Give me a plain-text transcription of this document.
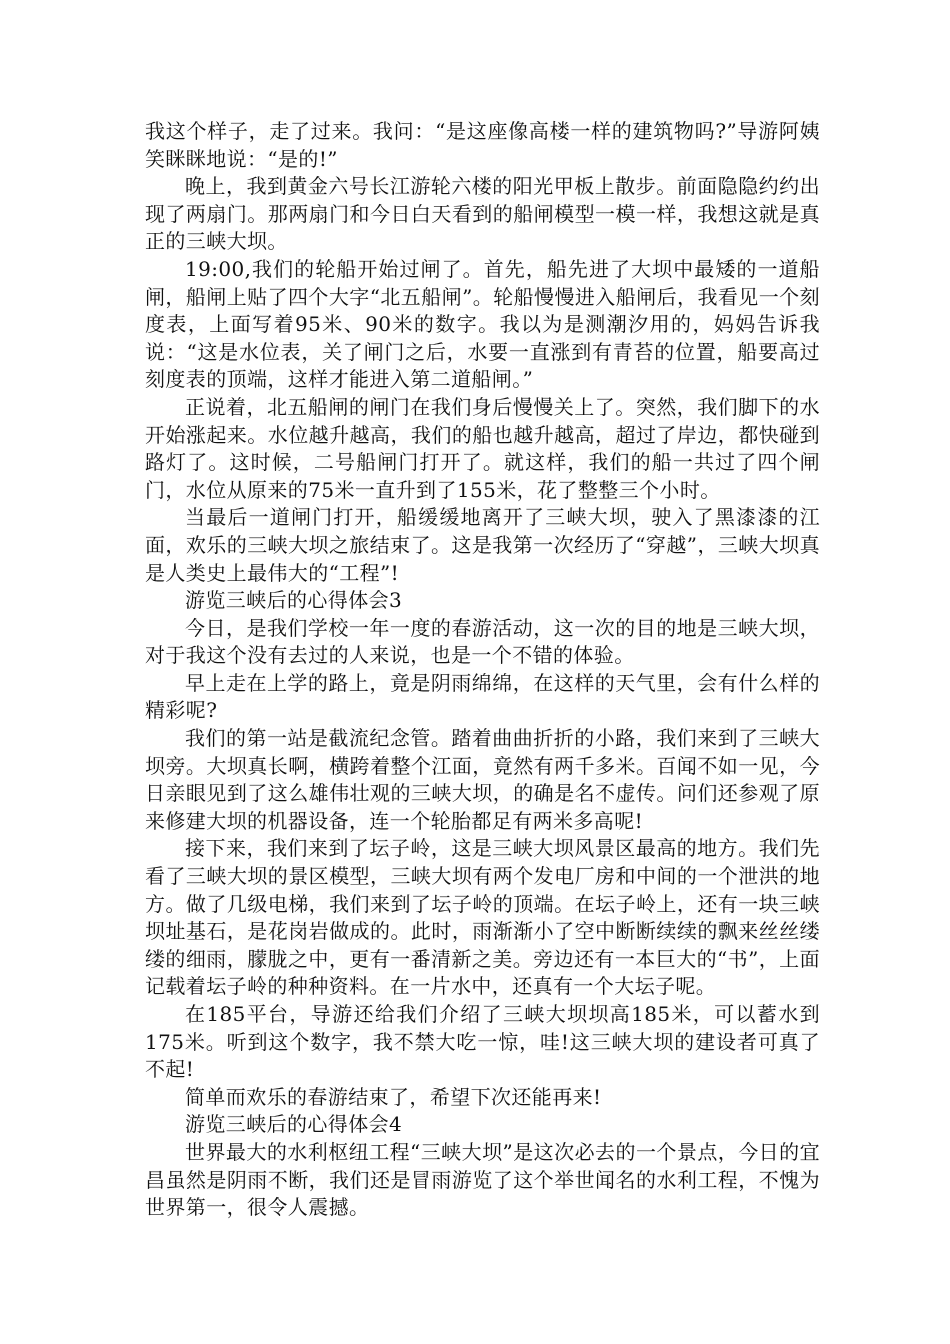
我这个样子，走了过来。我问：“是这座像高楼一样的建筑物吗?”导游阿姨笑眯眯地说：“是的!”

晚上，我到黄金六号长江游轮六楼的阳光甲板上散步。前面隐隐约约出现了两扇门。那两扇门和今日白天看到的船闸模型一模一样，我想这就是真正的三峡大坝。

19:00,我们的轮船开始过闸了。首先，船先进了大坝中最矮的一道船闸，船闸上贴了四个大字“北五船闸”。轮船慢慢进入船闸后，我看见一个刻度表，上面写着95米、90米的数字。我以为是测潮汐用的，妈妈告诉我说：“这是水位表，关了闸门之后，水要一直涨到有青苔的位置，船要高过刻度表的顶端，这样才能进入第二道船闸。”

正说着，北五船闸的闸门在我们身后慢慢关上了。突然，我们脚下的水开始涨起来。水位越升越高，我们的船也越升越高，超过了岸边，都快碰到路灯了。这时候，二号船闸门打开了。就这样，我们的船一共过了四个闸门，水位从原来的75米一直升到了155米，花了整整三个小时。

当最后一道闸门打开，船缓缓地离开了三峡大坝，驶入了黑漆漆的江面，欢乐的三峡大坝之旅结束了。这是我第一次经历了“穿越”，三峡大坝真是人类史上最伟大的“工程”!

游览三峡后的心得体会3

今日，是我们学校一年一度的春游活动，这一次的目的地是三峡大坝，对于我这个没有去过的人来说，也是一个不错的体验。

早上走在上学的路上，竟是阴雨绵绵，在这样的天气里，会有什么样的精彩呢?

我们的第一站是截流纪念管。踏着曲曲折折的小路，我们来到了三峡大坝旁。大坝真长啊，横跨着整个江面，竟然有两千多米。百闻不如一见，今日亲眼见到了这么雄伟壮观的三峡大坝，的确是名不虚传。问们还参观了原来修建大坝的机器设备，连一个轮胎都足有两米多高呢!

接下来，我们来到了坛子岭，这是三峡大坝风景区最高的地方。我们先看了三峡大坝的景区模型，三峡大坝有两个发电厂房和中间的一个泄洪的地方。做了几级电梯，我们来到了坛子岭的顶端。在坛子岭上，还有一块三峡坝址基石，是花岗岩做成的。此时，雨渐渐小了空中断断续续的飘来丝丝缕缕的细雨，朦胧之中，更有一番清新之美。旁边还有一本巨大的“书”，上面记载着坛子岭的种种资料。在一片水中，还真有一个大坛子呢。

在185平台，导游还给我们介绍了三峡大坝坝高185米，可以蓄水到175米。听到这个数字，我不禁大吃一惊，哇!这三峡大坝的建设者可真了不起!

简单而欢乐的春游结束了，希望下次还能再来!

游览三峡后的心得体会4

世界最大的水利枢纽工程“三峡大坝”是这次必去的一个景点，今日的宜昌虽然是阴雨不断，我们还是冒雨游览了这个举世闻名的水利工程，不愧为世界第一，很令人震撼。
